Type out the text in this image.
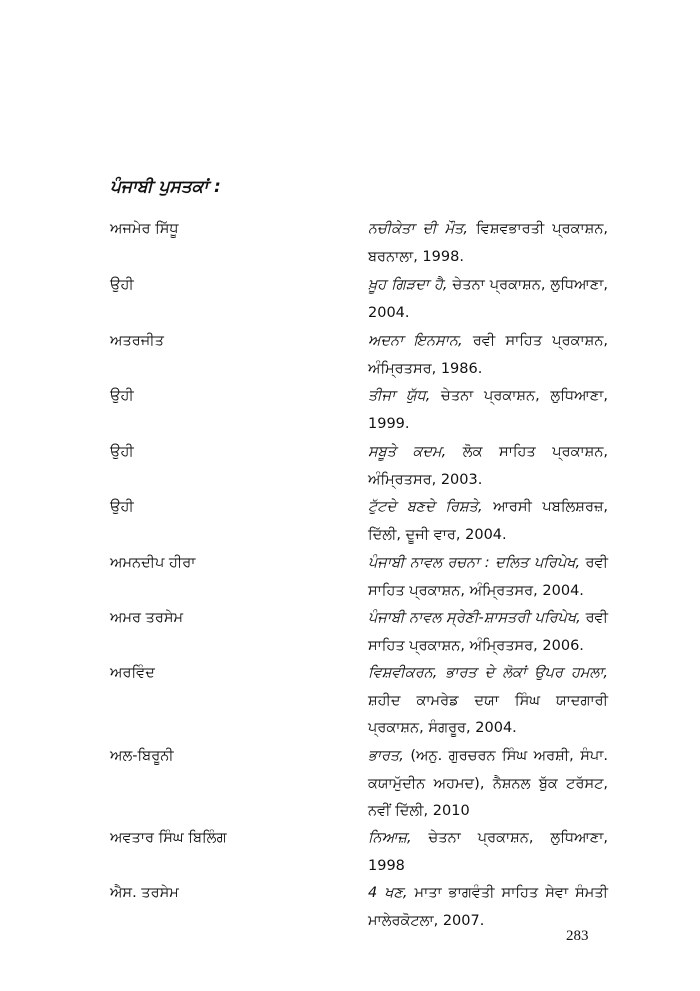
ਪੰਜਾਬੀ ਪੁਸਤਕਾਂ :
ਅਜਮੇਰ ਸਿੱਧੂ	ਨਚੀਕੇਤਾ ਦੀ ਮੌਤ, ਵਿਸ਼ਵਭਾਰਤੀ ਪ੍ਰਕਾਸ਼ਨ, ਬਰਨਾਲਾ, 1998.
ਉਹੀ	ਖ਼ੂਹ ਗਿੜਦਾ ਹੈ, ਚੇਤਨਾ ਪ੍ਰਕਾਸ਼ਨ, ਲੁਧਿਆਣਾ, 2004.
ਅਤਰਜੀਤ	ਅਦਨਾ ਇਨਸਾਨ, ਰਵੀ ਸਾਹਿਤ ਪ੍ਰਕਾਸ਼ਨ, ਅੰਮ੍ਰਿਤਸਰ, 1986.
ਉਹੀ	ਤੀਜਾ ਯੁੱਧ, ਚੇਤਨਾ ਪ੍ਰਕਾਸ਼ਨ, ਲੁਧਿਆਣਾ, 1999.
ਉਹੀ	ਸਬੂਤੇ ਕਦਮ, ਲੋਕ ਸਾਹਿਤ ਪ੍ਰਕਾਸ਼ਨ, ਅੰਮ੍ਰਿਤਸਰ, 2003.
ਉਹੀ	ਟੁੱਟਦੇ ਬਣਦੇ ਰਿਸ਼ਤੇ, ਆਰਸੀ ਪਬਲਿਸ਼ਰਜ਼, ਦਿੱਲੀ, ਦੂਜੀ ਵਾਰ, 2004.
ਅਮਨਦੀਪ ਹੀਰਾ	ਪੰਜਾਬੀ ਨਾਵਲ ਰਚਨਾ : ਦਲਿਤ ਪਰਿਪੇਖ, ਰਵੀ ਸਾਹਿਤ ਪ੍ਰਕਾਸ਼ਨ, ਅੰਮ੍ਰਿਤਸਰ, 2004.
ਅਮਰ ਤਰਸੇਮ	ਪੰਜਾਬੀ ਨਾਵਲ ਸ੍ਰੇਣੀ-ਸ਼ਾਸਤਰੀ ਪਰਿਪੇਖ, ਰਵੀ ਸਾਹਿਤ ਪ੍ਰਕਾਸ਼ਨ, ਅੰਮ੍ਰਿਤਸਰ, 2006.
ਅਰਵਿੰਦ	ਵਿਸ਼ਵੀਕਰਨ, ਭਾਰਤ ਦੇ ਲੋਕਾਂ ਉਪਰ ਹਮਲਾ, ਸ਼ਹੀਦ ਕਾਮਰੇਡ ਦਯਾ ਸਿੰਘ ਯਾਦਗਾਰੀ ਪ੍ਰਕਾਸ਼ਨ, ਸੰਗਰੂਰ, 2004.
ਅਲ-ਬਿਰੂਨੀ	ਭਾਰਤ, (ਅਨੁ. ਗੁਰਚਰਨ ਸਿੰਘ ਅਰਸ਼ੀ, ਸੰਪਾ. ਕਯਾਮੁੱਦੀਨ ਅਹਮਦ), ਨੈਸ਼ਨਲ ਬੁੱਕ ਟਰੱਸਟ, ਨਵੀਂ ਦਿੱਲੀ, 2010
ਅਵਤਾਰ ਸਿੰਘ ਬਿਲਿੰਗ	ਨਿਆਜ਼, ਚੇਤਨਾ ਪ੍ਰਕਾਸ਼ਨ, ਲੁਧਿਆਣਾ, 1998
ਐਸ. ਤਰਸੇਮ	4 ਖਣ, ਮਾਤਾ ਭਾਗਵੰਤੀ ਸਾਹਿਤ ਸੇਵਾ ਸੰਮਤੀ ਮਾਲੇਰਕੋਟਲਾ, 2007.
283
